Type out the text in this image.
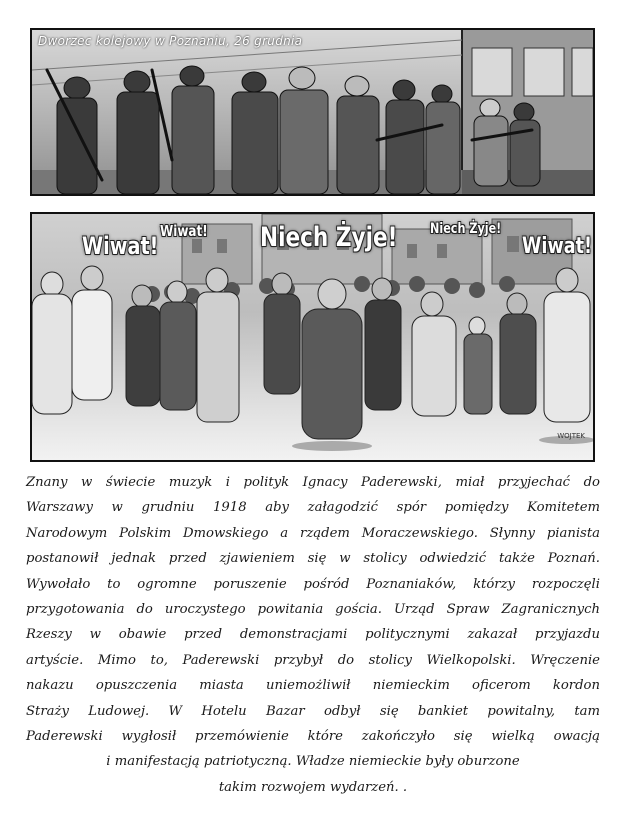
Dworzec kolejowy w Poznaniu, 26 grudnia
Wiwat!
Wiwat! Niech Żyje! Niech Żyje!
Wiwat!
WOJTEK
Znany w świecie muzyk i polityk Ignacy Paderewski, miał przyjechać do
Warszawy w grudniu 1918 aby załagodzić spór pomiędzy Komitetem
Narodowym Polskim Dmowskiego a rządem Moraczewskiego. Słynny pianista
postanowił jednak przed zjawieniem się w stolicy odwiedzić także Poznań.
Wywołało to ogromne poruszenie pośród Poznaniaków, którzy rozpoczęli
przygotowania do uroczystego powitania gościa. Urząd Spraw Zagranicznych
Rzeszy w obawie przed demonstracjami politycznymi zakazał przyjazdu
artyście. Mimo to, Paderewski przybył do stolicy Wielkopolski. Wręczenie
nakazu opuszczenia miasta uniemożliwił niemieckim oficerom kordon
Straży Ludowej. W Hotelu Bazar odbył się bankiet powitalny, tam
Paderewski wygłosił przemówienie które zakończyło się wielką owacją
i manifestacją patriotyczną. Władze niemieckie były oburzone
takim rozwojem wydarzeń. .
